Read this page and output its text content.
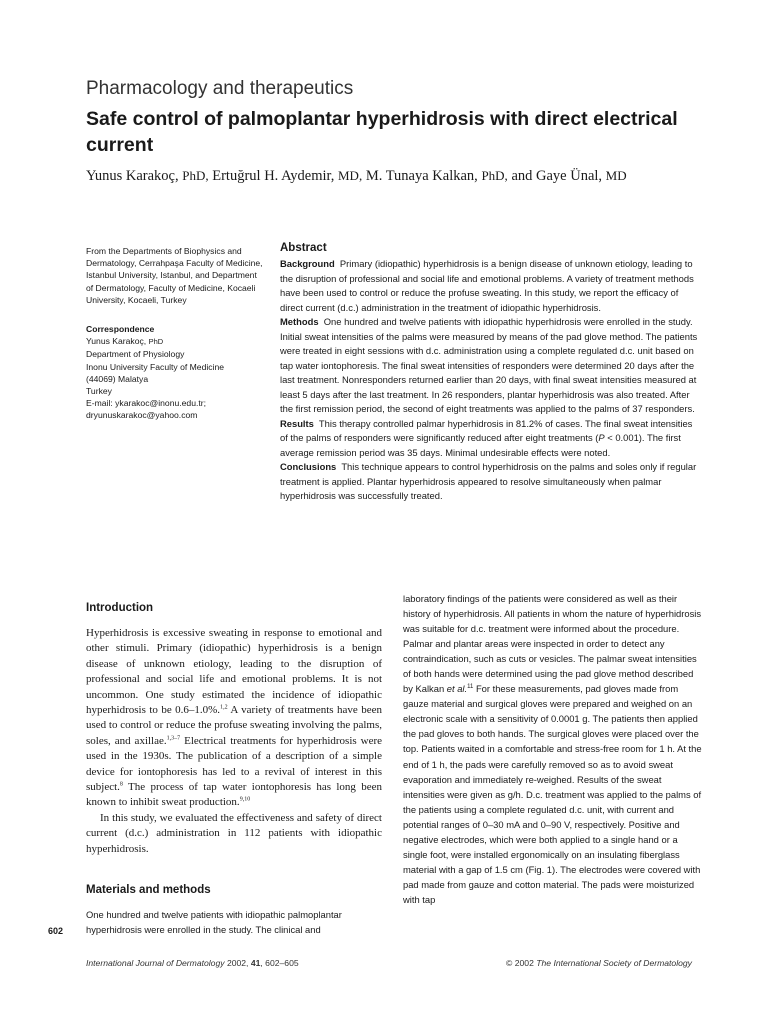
Pharmacology and therapeutics
Safe control of palmoplantar hyperhidrosis with direct electrical current
Yunus Karakoç, PhD, Ertuğrul H. Aydemir, MD, M. Tunaya Kalkan, PhD, and Gaye Ünal, MD
From the Departments of Biophysics and Dermatology, Cerrahpaşa Faculty of Medicine, Istanbul University, Istanbul, and Department of Dermatology, Faculty of Medicine, Kocaeli University, Kocaeli, Turkey
Correspondence
Yunus Karakoç, PhD
Department of Physiology
Inonu University Faculty of Medicine
(44069) Malatya
Turkey
E-mail: ykarakoc@inonu.edu.tr;
dryunuskarakoc@yahoo.com
Abstract

Background Primary (idiopathic) hyperhidrosis is a benign disease of unknown etiology, leading to the disruption of professional and social life and emotional problems. A variety of treatment methods have been used to control or reduce the profuse sweating. In this study, we report the efficacy of direct current (d.c.) administration in the treatment of idiopathic hyperhidrosis.

Methods One hundred and twelve patients with idiopathic hyperhidrosis were enrolled in the study. Initial sweat intensities of the palms were measured by means of the pad glove method. The patients were treated in eight sessions with d.c. administration using a complete regulated d.c. unit based on tap water iontophoresis. The final sweat intensities of responders were determined 20 days after the last treatment. Nonresponders returned earlier than 20 days, with final sweat intensities measured at least 5 days after the last treatment. In 26 responders, plantar hyperhidrosis was also treated. After the first remission period, the second of eight treatments was applied to the palms of 37 responders.

Results This therapy controlled palmar hyperhidrosis in 81.2% of cases. The final sweat intensities of the palms of responders were significantly reduced after eight treatments (P < 0.001). The first average remission period was 35 days. Minimal undesirable effects were noted.

Conclusions This technique appears to control hyperhidrosis on the palms and soles only if regular treatment is applied. Plantar hyperhidrosis appeared to resolve simultaneously when palmar hyperhidrosis was successfully treated.

Introduction

Hyperhidrosis is excessive sweating in response to emotional and other stimuli. Primary (idiopathic) hyperhidrosis is a benign disease of unknown etiology, leading to the disruption of professional and social life and emotional problems. It is not uncommon. One study estimated the incidence of idiopathic hyperhidrosis to be 0.6–1.0%.$^{1,2}$ A variety of treatments have been used to control or reduce the profuse sweating involving the palms, soles, and axillae.$^{1,3-7}$ Electrical treatments for hyperhidrosis were used in the 1930s. The publication of a description of a simple device for iontophoresis has led to a revival of interest in this subject.$^8$ The process of tap water iontophoresis has long been known to inhibit sweat production.$^{9,10}$

In this study, we evaluated the effectiveness and safety of direct current (d.c.) administration in 112 patients with idiopathic hyperhidrosis.

Materials and methods
One hundred and twelve patients with idiopathic palmoplantar hyperhidrosis were enrolled in the study. The clinical and
laboratory findings of the patients were considered as well as their history of hyperhidrosis. All patients in whom the nature of hyperhidrosis was suitable for d.c. treatment were informed about the procedure. Palmar and plantar areas were inspected in order to detect any contraindication, such as cuts or vesicles. The palmar sweat intensities of both hands were determined using the pad glove method described by Kalkan et al.$^{11}$ For these measurements, pad gloves made from gauze material and surgical gloves were prepared and weighed on an electronic scale with a sensitivity of 0.0001 g. The patients then applied the pad gloves to both hands. The surgical gloves were placed over the top. Patients waited in a comfortable and stress-free room for 1 h. At the end of 1 h, the pads were carefully removed so as to avoid sweat evaporation and immediately re-weighed. Results of the sweat intensities were given as g/h. D.c. treatment was applied to the palms of the patients using a complete regulated d.c. unit, with current and potential ranges of 0–30 mA and 0–90 V, respectively. Positive and negative electrodes, which were both applied to a single hand or a single foot, were installed ergonomically on an insulating fiberglass material with a gap of 1.5 cm (Fig. 1). The electrodes were covered with pad made from gauze and cotton material. The pads were moisturized with tap
602
International Journal of Dermatology 2002, 41, 602–605	© 2002 The International Society of Dermatology
